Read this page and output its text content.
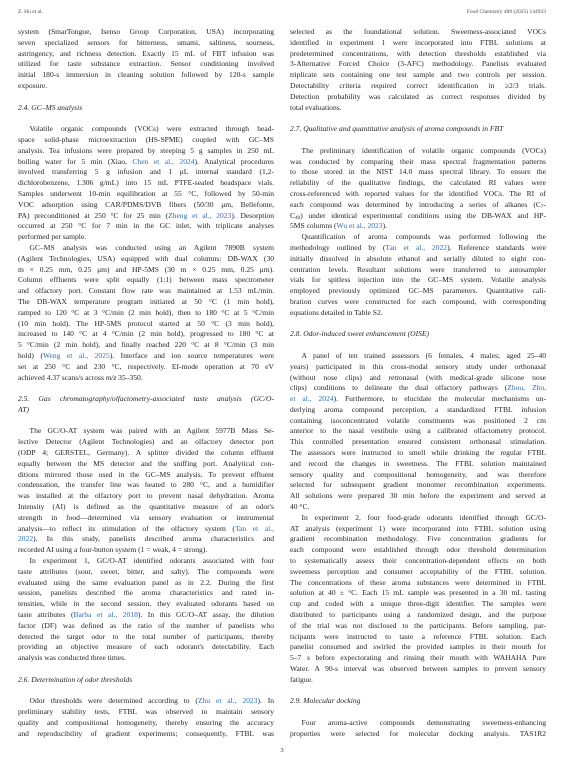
Z. Hu et al.	Food Chemistry 489 (2025) 144933
system (SmarTongue, Isenso Group Corporation, USA) incorporating
seven specialized sensors for bitterness, umami, saltiness, sourness,
astringency, and richness detection. Exactly 15 mL of FBT infusion was
utilized for taste substance extraction. Sensor conditioning involved
initial 180-s immersion in cleaning solution followed by 120-s sample
exposure.
2.4. GC–MS analysis
Volatile organic compounds (VOCs) were extracted through head-
space solid-phase microextraction (HS-SPME) coupled with GC–MS
analysis. Tea infusions were prepared by steeping 5 g samples in 250 mL
boiling water for 5 min (Xiao, Chen et al., 2024). Analytical procedures
involved transferring 5 g infusion and 1 μL internal standard (1,2-
dichlorobenzene, 1.306 g/mL) into 15 mL PTFE-sealed headspace vials.
Samples underwent 10-min equilibration at 55 °C, followed by 50-min
VOC adsorption using CAR/PDMS/DVB fibers (50/30 μm, Bellefonte,
PA) preconditioned at 250 °C for 25 min (Zheng et al., 2023). Desorption
occurred at 250 °C for 7 min in the GC inlet, with triplicate analyses
performed per sample.
GC–MS analysis was conducted using an Agilent 7890B system
(Agilent Technologies, USA) equipped with dual columns: DB-WAX (30
m × 0.25 mm, 0.25 μm) and HP-5MS (30 m × 0.25 mm, 0.25 μm).
Column effluents were split equally (1:1) between mass spectrometer
and olfactory port. Constant flow rate was maintained at 1.53 mL/min.
The DB-WAX temperature program initiated at 50 °C (1 min hold),
ramped to 120 °C at 3 °C/min (2 min hold), then to 180 °C at 5 °C/min
(10 min hold). The HP-5MS protocol started at 50 °C (3 min hold),
increased to 140 °C at 4 °C/min (2 min hold), progressed to 180 °C at
5 °C/min (2 min hold), and finally reached 220 °C at 8 °C/min (3 min
hold) (Weng et al., 2025). Interface and ion source temperatures were
set at 250 °C and 230 °C, respectively. EI-mode operation at 70 eV
achieved 4.37 scans/s across m/z 35–350.
2.5. Gas chromatography/olfactometry-associated taste analysis (GC/O-
AT)
The GC/O-AT system was paired with an Agilent 5977B Mass Se-
lective Detector (Agilent Technologies) and an olfactory detector port
(ODP 4; GERSTEL, Germany). A splitter divided the column effluent
equally between the MS detector and the sniffing port. Analytical con-
ditions mirrored those used in the GC–MS analysis. To prevent effluent
condensation, the transfer line was heated to 280 °C, and a humidifier
was installed at the olfactory port to prevent nasal dehydration. Aroma
Intensity (AI) is defined as the quantitative measure of an odor's
strength in food—determined via sensory evaluation or instrumental
analysis—to reflect its stimulation of the olfactory system (Tan et al.,
2022). In this study, panelists described aroma characteristics and
recorded AI using a four-button system (1 = weak, 4 = strong).
In experiment 1, GC/O-AT identified odorants associated with four
taste attributes (sour, sweet, bitter, and salty). The compounds were
evaluated using the same evaluation panel as in 2.2. During the first
session, panelists described the aroma characteristics and rated in-
tensities, while in the second session, they evaluated odorants based on
taste attributes (Barba et al., 2018). In this GC/O–AT assay, the dilution
factor (DF) was defined as the ratio of the number of panelists who
detected the target odor to the total number of participants, thereby
providing an objective measure of each odorant's detectability. Each
analysis was conducted three times.
2.6. Determination of odor thresholds
Odor thresholds were determined according to (Zhu et al., 2023). In
preliminary stability tests, FTBL was observed to maintain sensory
quality and compositional homogeneity, thereby ensuring the accuracy
and reproducibility of gradient experiments; consequently, FTBL was
selected as the foundational solution. Sweetness-associated VOCs
identified in experiment 1 were incorporated into FTBL solutions at
predetermined concentrations, with detection thresholds established via
3-Alternative Forced Choice (3-AFC) methodology. Panelists evaluated
triplicate sets containing one test sample and two controls per session.
Detectability criteria required correct identification in ≥2/3 trials.
Detection probability was calculated as correct responses divided by
total evaluations.
2.7. Qualitative and quantitative analysis of aroma compounds in FBT
The preliminary identification of volatile organic compounds (VOCs)
was conducted by comparing their mass spectral fragmentation patterns
to those stored in the NIST 14.0 mass spectral library. To ensure the
reliability of the qualitative findings, the calculated RI values were
cross-referenced with reported values for the identified VOCs. The RI of
each compound was determined by introducing a series of alkanes ($C_7-$
$C_{40}$) under identical experimental conditions using the DB-WAX and HP-
5MS columns (Wu et al., 2023).
Quantification of aroma compounds was performed following the
methodology outlined by (Tan et al., 2022). Reference standards were
initially dissolved in absolute ethanol and serially diluted to eight con-
centration levels. Resultant solutions were transferred to autosampler
vials for spitless injection into the GC–MS system. Volatile analysis
employed previously optimized GC–MS parameters. Quantitative cali-
bration curves were constructed for each compound, with corresponding
equations detailed in Table S2.
2.8. Odor-induced sweet enhancement (OISE)
A panel of ten trained assessors (6 females, 4 males; aged 25–40
years) participated in this cross-modal sensory study under orthonasal
(without nose clips) and retronasal (with medical-grade silicone nose
clips) conditions to delineate the dual olfactory pathways (Zhou, Zhu,
et al., 2024). Furthermore, to elucidate the molecular mechanisms un-
derlying aroma compound perception, a standardized FTBL infusion
containing isoconcentrated volatile constituents was positioned 2 cm
anterior to the nasal vestibule using a calibrated olfactometry protocol.
This controlled presentation ensured consistent orthonasal stimulation.
The assessors were instructed to smell while drinking the regular FTBL
and record the changes in sweetness. The FTBL solution maintained
sensory quality and compositional homogeneity, and was therefore
selected for subsequent gradient monomer recombination experiments.
All solutions were prepared 30 min before the experiment and served at
40 °C.
In experiment 2, four food-grade odorants identified through GC/O-
AT analysis (experiment 1) were incorporated into FTBL solution using
gradient recombination methodology. Five concentration gradients for
each compound were established through odor threshold determination
to systematically assess their concentration-dependent effects on both
sweetness perception and consumer acceptability of the FTBL solution.
The concentrations of these aroma substances were determined in FTBL
solution at 40 ± °C. Each 15 mL sample was presented in a 30 mL tasting
cup and coded with a unique three-digit identifier. The samples were
distributed to participants using a randomized design, and the purpose
of the trial was not disclosed to the participants. Before sampling, par-
ticipants were instructed to taste a reference FTBL solution. Each
panelist consumed and swirled the provided samples in their mouth for
5–7 s before expectorating and rinsing their mouth with WAHAHA Pure
Water. A 90-s interval was observed between samples to prevent sensory
fatigue.
2.9. Molecular docking
Four aroma-active compounds demonstrating sweetness-enhancing
properties were selected for molecular docking analysis. TAS1R2
3
